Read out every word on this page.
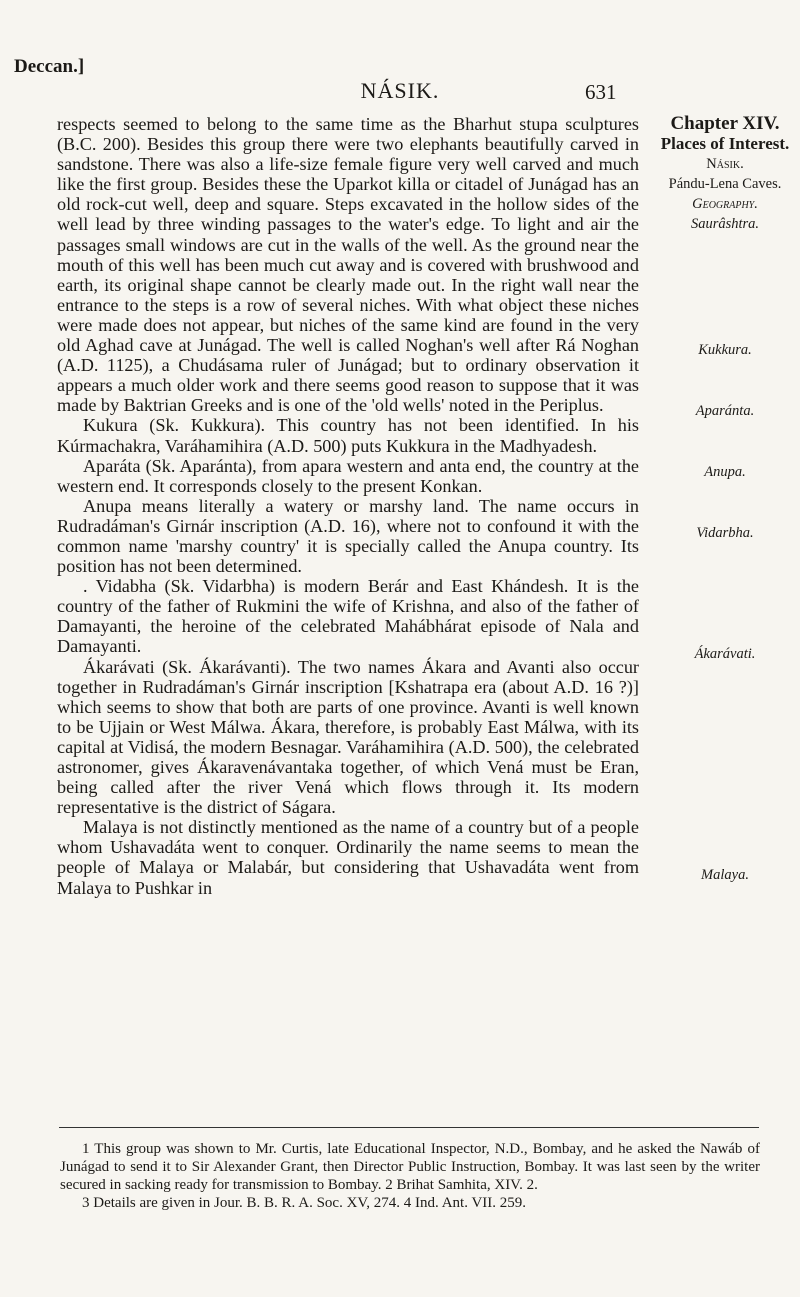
Deccan.]
NÁSIK.	631
Chapter XIV.
Places of Interest.
Násik.
Pándu-Lena Caves.
Geography.
Saurâshtra.
Kukkura.
Aparánta.
Anupa.
Vidarbha.
Ákarávati.
Malaya.

respects seemed to belong to the same time as the Bharhut stupa sculptures (B.C. 200). Besides this group there were two elephants beautifully carved in sandstone. There was also a life-size female figure very well carved and much like the first group. Besides these the Uparkot killa or citadel of Junágad has an old rock-cut well, deep and square. Steps excavated in the hollow sides of the well lead by three winding passages to the water's edge. To light and air the passages small windows are cut in the walls of the well. As the ground near the mouth of this well has been much cut away and is covered with brushwood and earth, its original shape cannot be clearly made out. In the right wall near the entrance to the steps is a row of several niches. With what object these niches were made does not appear, but niches of the same kind are found in the very old Aghad cave at Junágad. The well is called Noghan's well after Rá Noghan (A.D. 1125), a Chudásama ruler of Junágad; but to ordinary observation it appears a much older work and there seems good reason to suppose that it was made by Baktrian Greeks and is one of the 'old wells' noted in the Periplus.

Kukura (Sk. Kukkura). This country has not been identified. In his Kúrmachakra, Varáhamihira (A.D. 500) puts Kukkura in the Madhyadesh.

Aparáta (Sk. Aparánta), from apara western and anta end, the country at the western end. It corresponds closely to the present Konkan.

Anupa means literally a watery or marshy land. The name occurs in Rudradáman's Girnár inscription (A.D. 16), where not to confound it with the common name 'marshy country' it is specially called the Anupa country. Its position has not been determined.

. Vidabha (Sk. Vidarbha) is modern Berár and East Khándesh. It is the country of the father of Rukmini the wife of Krishna, and also of the father of Damayanti, the heroine of the celebrated Mahábhárat episode of Nala and Damayanti.

Ákarávati (Sk. Ákarávanti). The two names Ákara and Avanti also occur together in Rudradáman's Girnár inscription [Kshatrapa era (about A.D. 16 ?)] which seems to show that both are parts of one province. Avanti is well known to be Ujjain or West Málwa. Ákara, therefore, is probably East Málwa, with its capital at Vidisá, the modern Besnagar. Varáhamihira (A.D. 500), the celebrated astronomer, gives Ákaravenávantaka together, of which Vená must be Eran, being called after the river Vená which flows through it. Its modern representative is the district of Ságara.

Malaya is not distinctly mentioned as the name of a country but of a people whom Ushavadáta went to conquer. Ordinarily the name seems to mean the people of Malaya or Malabár, but considering that Ushavadáta went from Malaya to Pushkar in

1 This group was shown to Mr. Curtis, late Educational Inspector, N.D., Bombay, and he asked the Nawáb of Junágad to send it to Sir Alexander Grant, then Director Public Instruction, Bombay. It was last seen by the writer secured in sacking ready for transmission to Bombay. 2 Brihat Samhita, XIV. 2.

3 Details are given in Jour. B. B. R. A. Soc. XV, 274. 4 Ind. Ant. VII. 259.
